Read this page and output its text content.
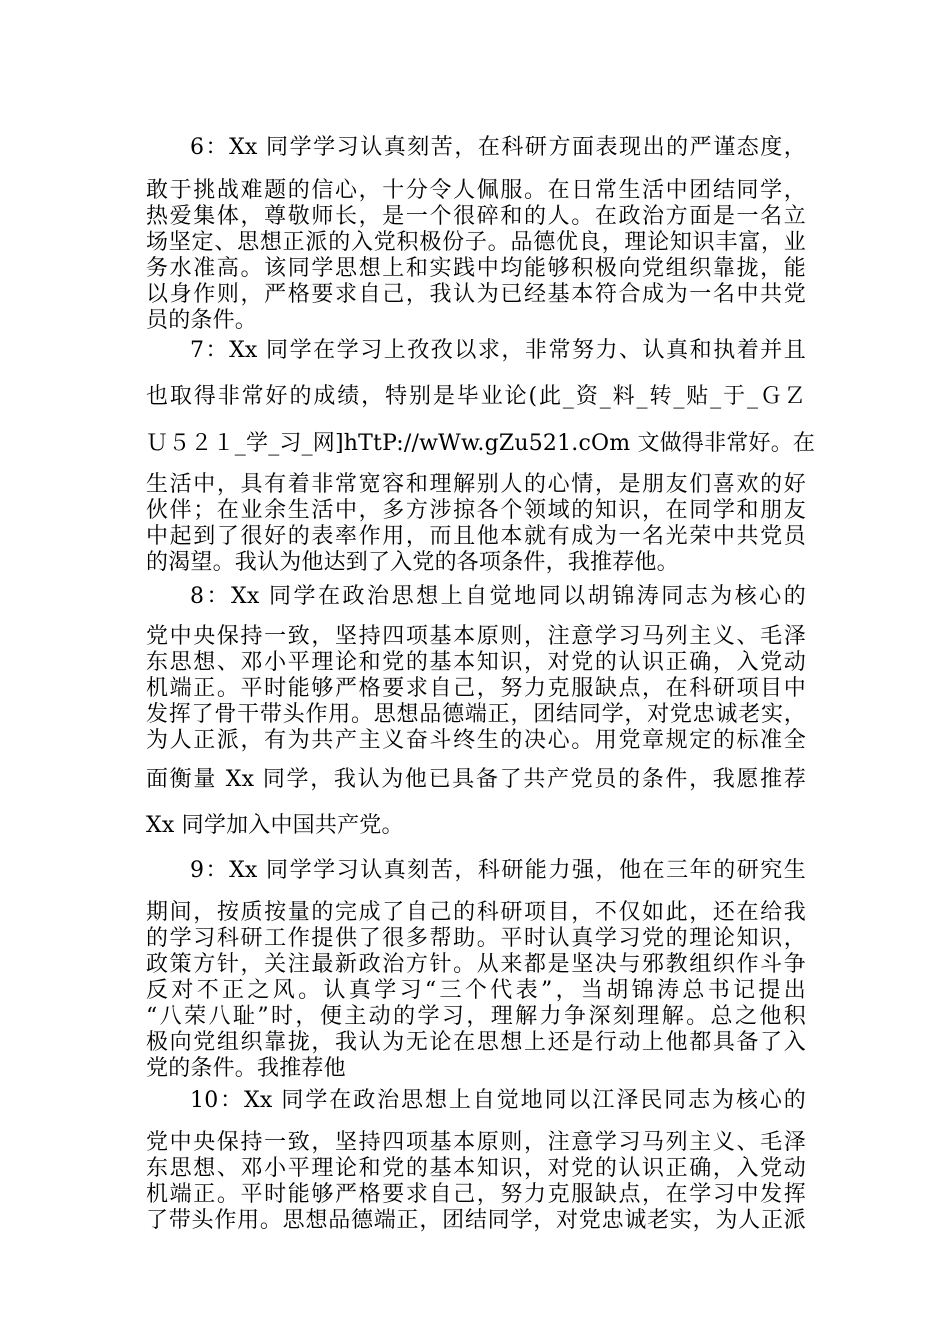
6：Xx 同学学习认真刻苦，在科研方面表现出的严谨态度，
敢于挑战难题的信心，十分令人佩服。在日常生活中团结同学，
热爱集体，尊敬师长，是一个很碎和的人。在政治方面是一名立
场坚定、思想正派的入党积极份子。品德优良，理论知识丰富，业
务水准高。该同学思想上和实践中均能够积极向党组织靠拢，能
以身作则，严格要求自己，我认为已经基本符合成为一名中共党
员的条件。
7：Xx 同学在学习上孜孜以求，非常努力、认真和执着并且
也取得非常好的成绩，特别是毕业论(此_资_料_转_贴_于_ＧＺ
Ｕ５２１_学_习_网]hTtP://wWw.gZu521.cOm 文做得非常好。在
生活中，具有着非常宽容和理解别人的心情，是朋友们喜欢的好
伙伴；在业余生活中，多方涉掠各个领域的知识，在同学和朋友
中起到了很好的表率作用，而且他本就有成为一名光荣中共党员
的渴望。我认为他达到了入党的各项条件，我推荐他。
8：Xx 同学在政治思想上自觉地同以胡锦涛同志为核心的
党中央保持一致，坚持四项基本原则，注意学习马列主义、毛泽
东思想、邓小平理论和党的基本知识，对党的认识正确，入党动
机端正。平时能够严格要求自己，努力克服缺点，在科研项目中
发挥了骨干带头作用。思想品德端正，团结同学，对党忠诚老实，
为人正派，有为共产主义奋斗终生的决心。用党章规定的标准全
面衡量 Xx 同学，我认为他已具备了共产党员的条件，我愿推荐
Xx 同学加入中国共产党。
9：Xx 同学学习认真刻苦，科研能力强，他在三年的研究生
期间，按质按量的完成了自己的科研项目，不仅如此，还在给我
的学习科研工作提供了很多帮助。平时认真学习党的理论知识，
政策方针，关注最新政治方针。从来都是坚决与邪教组织作斗争
反对不正之风。认真学习“三个代表”，当胡锦涛总书记提出
“八荣八耻”时，便主动的学习，理解力争深刻理解。总之他积
极向党组织靠拢，我认为无论在思想上还是行动上他都具备了入
党的条件。我推荐他
10：Xx 同学在政治思想上自觉地同以江泽民同志为核心的
党中央保持一致，坚持四项基本原则，注意学习马列主义、毛泽
东思想、邓小平理论和党的基本知识，对党的认识正确，入党动
机端正。平时能够严格要求自己，努力克服缺点，在学习中发挥
了带头作用。思想品德端正，团结同学，对党忠诚老实，为人正派
